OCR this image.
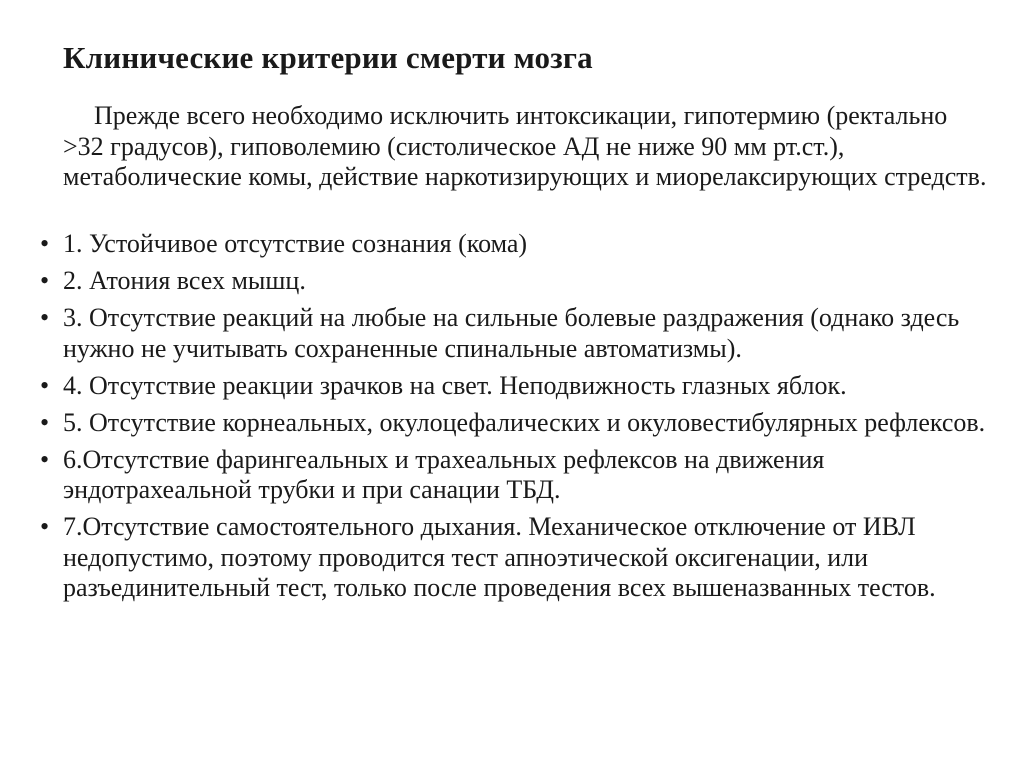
Клинические критерии смерти мозга

Прежде всего необходимо исключить интоксикации, гипотермию (ректально >32 градусов), гиповолемию (систолическое АД не ниже 90 мм рт.ст.), метаболические комы, действие наркотизирующих и миорелаксирующих стредств.

• 1. Устойчивое отсутствие сознания (кома)
• 2. Атония всех мышц.
• 3. Отсутствие реакций на любые на сильные болевые раздражения (однако здесь нужно не учитывать сохраненные спинальные автоматизмы).
• 4. Отсутствие реакции зрачков на свет. Неподвижность глазных яблок.
• 5. Отсутствие корнеальных, окулоцефалических и окуловестибулярных рефлексов.
• 6.Отсутствие фарингеальных и трахеальных рефлексов на движения эндотрахеальной трубки и при санации ТБД.
• 7.Отсутствие самостоятельного дыхания. Механическое отключение от ИВЛ недопустимо, поэтому проводится тест апноэтической оксигенации, или разъединительный тест, только после проведения всех вышеназванных тестов.
